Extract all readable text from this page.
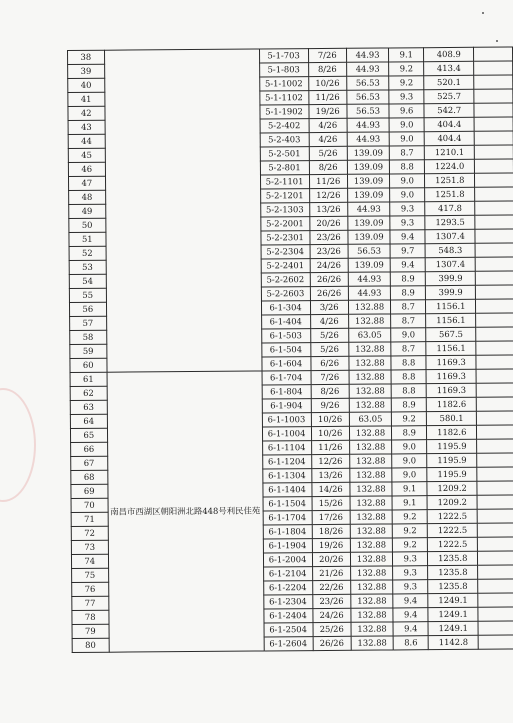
38		5-1-703	7/26	44.93	9.1	408.9	
39		5-1-803	8/26	44.93	9.2	413.4	
40		5-1-1002	10/26	56.53	9.2	520.1	
41		5-1-1102	11/26	56.53	9.3	525.7	
42		5-1-1902	19/26	56.53	9.6	542.7	
43		5-2-402	4/26	44.93	9.0	404.4	
44		5-2-403	4/26	44.93	9.0	404.4	
45		5-2-501	5/26	139.09	8.7	1210.1	
46		5-2-801	8/26	139.09	8.8	1224.0	
47		5-2-1101	11/26	139.09	9.0	1251.8	
48		5-2-1201	12/26	139.09	9.0	1251.8	
49		5-2-1303	13/26	44.93	9.3	417.8	
50		5-2-2001	20/26	139.09	9.3	1293.5	
51		5-2-2301	23/26	139.09	9.4	1307.4	
52		5-2-2304	23/26	56.53	9.7	548.3	
53		5-2-2401	24/26	139.09	9.4	1307.4	
54		5-2-2602	26/26	44.93	8.9	399.9	
55		5-2-2603	26/26	44.93	8.9	399.9	
56		6-1-304	3/26	132.88	8.7	1156.1	
57		6-1-404	4/26	132.88	8.7	1156.1	
58		6-1-503	5/26	63.05	9.0	567.5	
59		6-1-504	5/26	132.88	8.7	1156.1	
60		6-1-604	6/26	132.88	8.8	1169.3	
61	南昌市西湖区朝阳洲北路448号利民佳苑	6-1-704	7/26	132.88	8.8	1169.3	
62		6-1-804	8/26	132.88	8.8	1169.3	
63		6-1-904	9/26	132.88	8.9	1182.6	
64		6-1-1003	10/26	63.05	9.2	580.1	
65		6-1-1004	10/26	132.88	8.9	1182.6	
66		6-1-1104	11/26	132.88	9.0	1195.9	
67		6-1-1204	12/26	132.88	9.0	1195.9	
68		6-1-1304	13/26	132.88	9.0	1195.9	
69		6-1-1404	14/26	132.88	9.1	1209.2	
70		6-1-1504	15/26	132.88	9.1	1209.2	
71		6-1-1704	17/26	132.88	9.2	1222.5	
72		6-1-1804	18/26	132.88	9.2	1222.5	
73		6-1-1904	19/26	132.88	9.2	1222.5	
74		6-1-2004	20/26	132.88	9.3	1235.8	
75		6-1-2104	21/26	132.88	9.3	1235.8	
76		6-1-2204	22/26	132.88	9.3	1235.8	
77		6-1-2304	23/26	132.88	9.4	1249.1	
78		6-1-2404	24/26	132.88	9.4	1249.1	
79		6-1-2504	25/26	132.88	9.4	1249.1	
80		6-1-2604	26/26	132.88	8.6	1142.8	
